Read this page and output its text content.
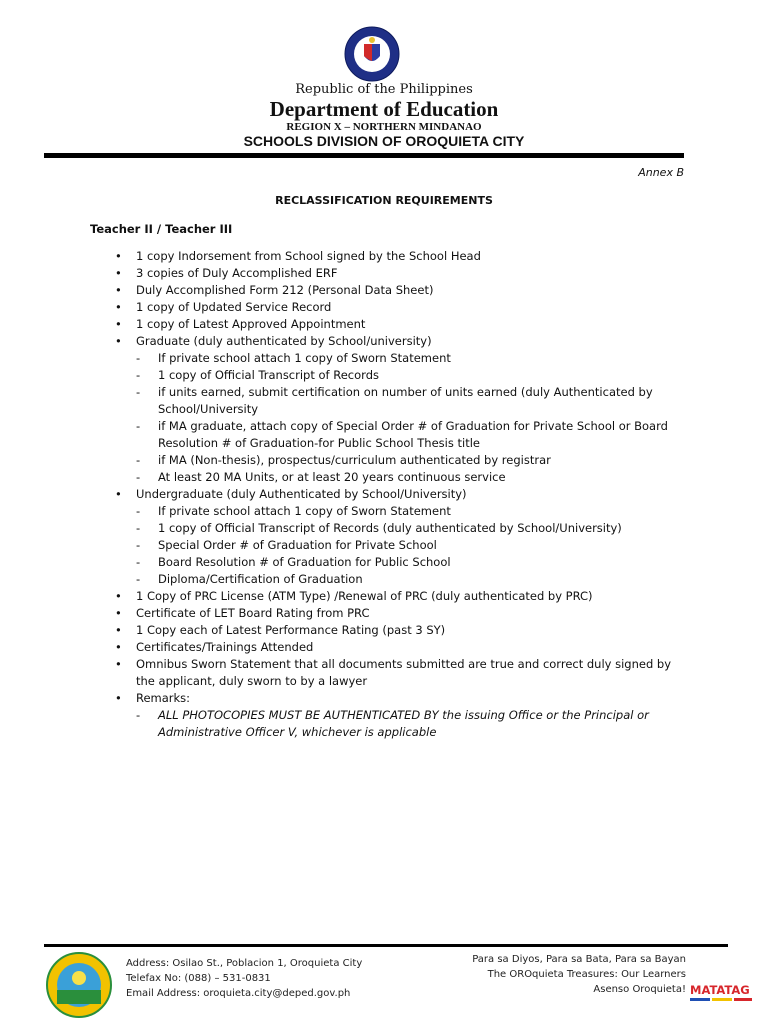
Republic of the Philippines
Department of Education
REGION X – NORTHERN MINDANAO
SCHOOLS DIVISION OF OROQUIETA CITY
Annex B
RECLASSIFICATION REQUIREMENTS
Teacher II / Teacher III
• 1 copy Indorsement from School signed by the School Head
• 3 copies of Duly Accomplished ERF
• Duly Accomplished Form 212 (Personal Data Sheet)
• 1 copy of Updated Service Record
• 1 copy of Latest Approved Appointment
• Graduate (duly authenticated by School/university)
- If private school attach 1 copy of Sworn Statement
- 1 copy of Official Transcript of Records
- if units earned, submit certification on number of units earned (duly Authenticated by School/University
- if MA graduate, attach copy of Special Order # of Graduation for Private School or Board Resolution # of Graduation-for Public School Thesis title
- if MA (Non-thesis), prospectus/curriculum authenticated by registrar
- At least 20 MA Units, or at least 20 years continuous service
• Undergraduate (duly Authenticated by School/University)
- If private school attach 1 copy of Sworn Statement
- 1 copy of Official Transcript of Records (duly authenticated by School/University)
- Special Order # of Graduation for Private School
- Board Resolution # of Graduation for Public School
- Diploma/Certification of Graduation
• 1 Copy of PRC License (ATM Type) /Renewal of PRC (duly authenticated by PRC)
• Certificate of LET Board Rating from PRC
• 1 Copy each of Latest Performance Rating (past 3 SY)
• Certificates/Trainings Attended
• Omnibus Sworn Statement that all documents submitted are true and correct duly signed by the applicant, duly sworn to by a lawyer
• Remarks:
- ALL PHOTOCOPIES MUST BE AUTHENTICATED BY the issuing Office or the Principal or Administrative Officer V, whichever is applicable
Address: Osilao St., Poblacion 1, Oroquieta City
Telefax No: (088) – 531-0831
Email Address: oroquieta.city@deped.gov.ph
Para sa Diyos, Para sa Bata, Para sa Bayan
The OROquieta Treasures: Our Learners
Asenso Oroquieta! MATATAG
